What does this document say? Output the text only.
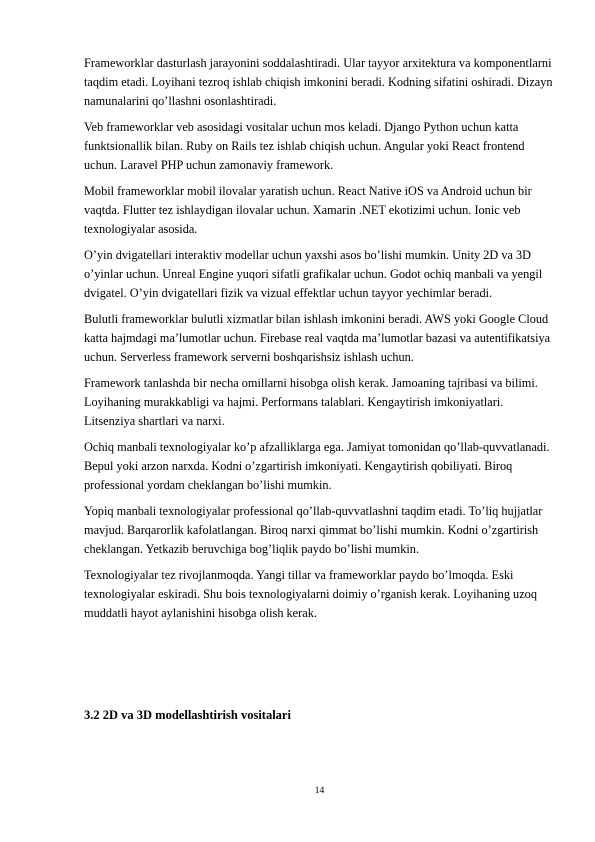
Frameworklar dasturlash jarayonini soddalashtiradi. Ular tayyor arxitektura va komponentlarni taqdim etadi. Loyihani tezroq ishlab chiqish imkonini beradi. Kodning sifatini oshiradi. Dizayn namunalarini qo’llashni osonlashtiradi.

Veb frameworklar veb asosidagi vositalar uchun mos keladi. Django Python uchun katta funktsionallik bilan. Ruby on Rails tez ishlab chiqish uchun. Angular yoki React frontend uchun. Laravel PHP uchun zamonaviy framework.

Mobil frameworklar mobil ilovalar yaratish uchun. React Native iOS va Android uchun bir vaqtda. Flutter tez ishlaydigan ilovalar uchun. Xamarin .NET ekotizimi uchun. Ionic veb texnologiyalar asosida.

O’yin dvigatellari interaktiv modellar uchun yaxshi asos bo’lishi mumkin. Unity 2D va 3D o’yinlar uchun. Unreal Engine yuqori sifatli grafikalar uchun. Godot ochiq manbali va yengil dvigatel. O’yin dvigatellari fizik va vizual effektlar uchun tayyor yechimlar beradi.

Bulutli frameworklar bulutli xizmatlar bilan ishlash imkonini beradi. AWS yoki Google Cloud katta hajmdagi ma’lumotlar uchun. Firebase real vaqtda ma’lumotlar bazasi va autentifikatsiya uchun. Serverless framework serverni boshqarishsiz ishlash uchun.

Framework tanlashda bir necha omillarni hisobga olish kerak. Jamoaning tajribasi va bilimi. Loyihaning murakkabligi va hajmi. Performans talablari. Kengaytirish imkoniyatlari. Litsenziya shartlari va narxi.

Ochiq manbali texnologiyalar ko’p afzalliklarga ega. Jamiyat tomonidan qo’llab-quvvatlanadi. Bepul yoki arzon narxda. Kodni o’zgartirish imkoniyati. Kengaytirish qobiliyati. Biroq professional yordam cheklangan bo’lishi mumkin.

Yopiq manbali texnologiyalar professional qo’llab-quvvatlashni taqdim etadi. To’liq hujjatlar mavjud. Barqarorlik kafolatlangan. Biroq narxi qimmat bo’lishi mumkin. Kodni o’zgartirish cheklangan. Yetkazib beruvchiga bog’liqlik paydo bo’lishi mumkin.

Texnologiyalar tez rivojlanmoqda. Yangi tillar va frameworklar paydo bo’lmoqda. Eski texnologiyalar eskiradi. Shu bois texnologiyalarni doimiy o’rganish kerak. Loyihaning uzoq muddatli hayot aylanishini hisobga olish kerak.

3.2 2D va 3D modellashtirish vositalari
14
